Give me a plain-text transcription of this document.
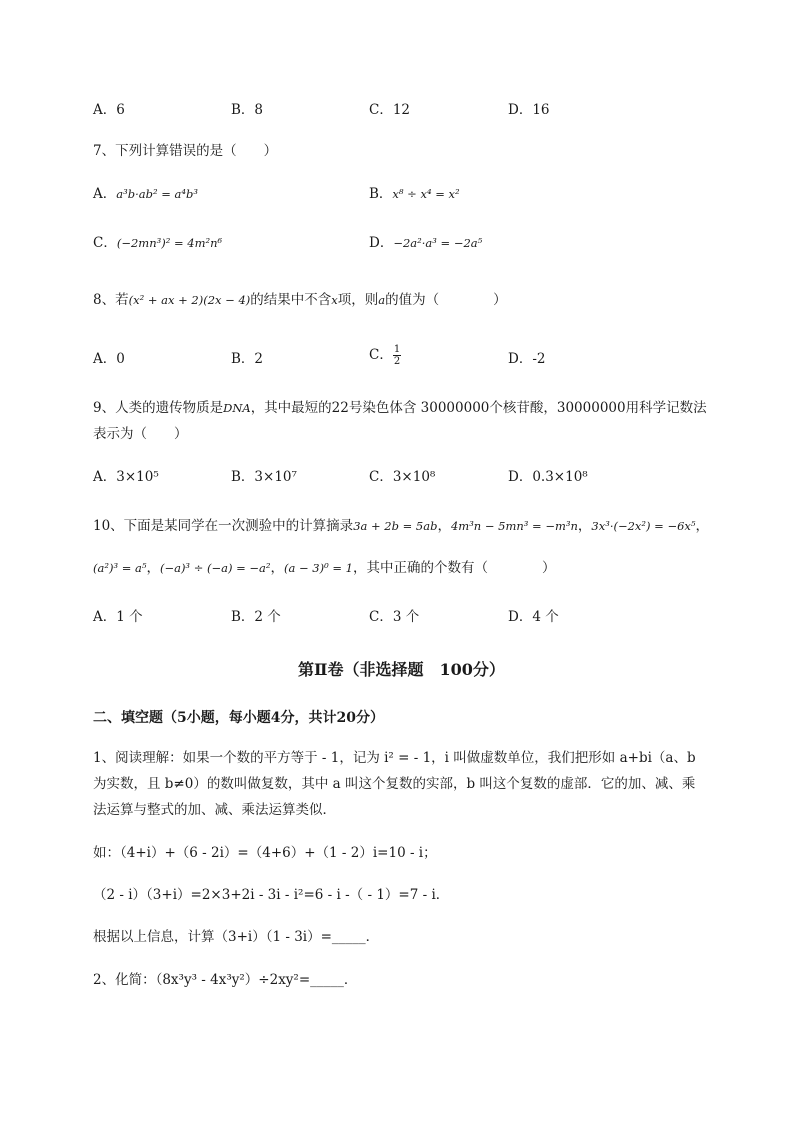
A．6	B．8	C．12	D．16
7、下列计算错误的是（　　）
A．a³b·ab² = a⁴b³	B．x⁸ ÷ x⁴ = x²
C．(−2mn³)² = 4m²n⁶	D．−2a²·a³ = −2a⁵
8、若(x² + ax + 2)(2x − 4)的结果中不含x项，则a的值为（　　　　）
A．0	B．2	C． $\frac{1}{2}$	D．-2
9、人类的遗传物质是DNA，其中最短的22号染色体含 30000000个核苷酸，30000000用科学记数法
表示为（　　）
A．3×10⁵	B．3×10⁷	C．3×10⁸	D．0.3×10⁸
10、下面是某同学在一次测验中的计算摘录3a + 2b = 5ab，4m³n − 5mn³ = −m³n，3x³·(−2x²) = −6x⁵，
(a²)³ = a⁵，(−a)³ ÷ (−a) = −a²，(a − 3)⁰ = 1，其中正确的个数有（　　　　）
A．1 个	B．2 个	C．3 个	D．4 个
第Ⅱ卷（非选择题　100分）
二、填空题（5小题，每小题4分，共计20分）
1、阅读理解：如果一个数的平方等于 - 1，记为 i² = - 1，i 叫做虚数单位，我们把形如 a+bi（a、b
为实数，且 b≠0）的数叫做复数，其中 a 叫这个复数的实部，b 叫这个复数的虚部．它的加、减、乘
法运算与整式的加、减、乘法运算类似．
如：（4+i）+（6 - 2i）=（4+6）+（1 - 2）i=10 - i；
（2 - i）（3+i）=2×3+2i - 3i - i²=6 - i -（ - 1）=7 - i．
根据以上信息，计算（3+i）（1 - 3i）=_____．
2、化简：（8x³y³ - 4x³y²）÷2xy²=_____．
